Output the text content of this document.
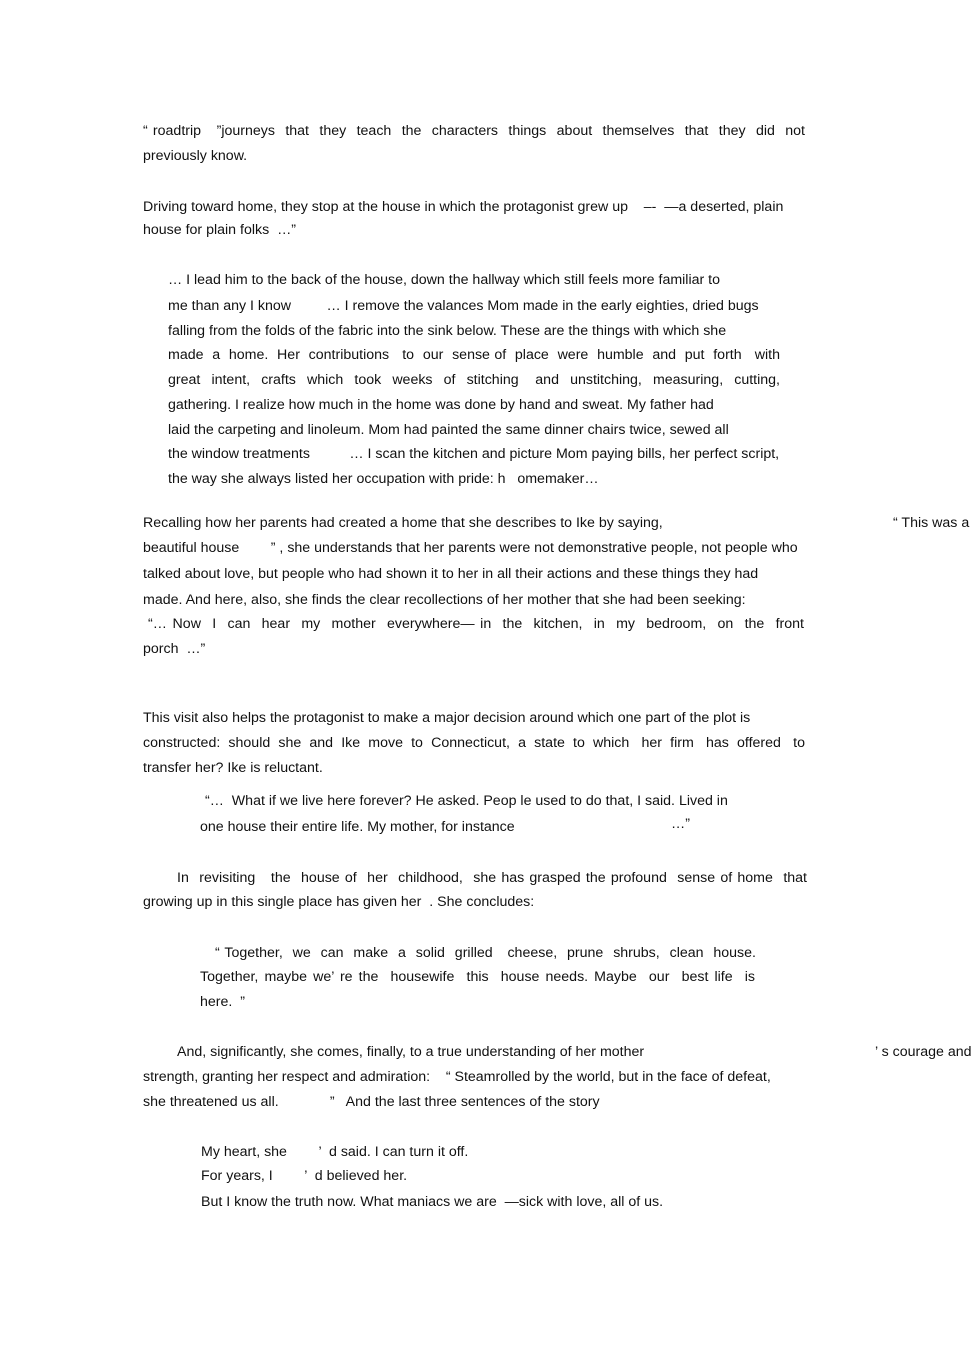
“ roadtrip   ”journeys  that  they  teach  the  characters  things  about  themselves  that  they  did  not

previously know.

Driving toward home, they stop at the house in which the protagonist grew up    –-  ―a deserted, plain

house for plain folks  …”

… I lead him to the back of the house, down the hallway which still feels more familiar to

me than any I know         … I remove the valances Mom made in the early eighties, dried bugs

falling from the folds of the fabric into the sink below. These are the things with which she

made  a  home.  Her  contributions   to  our  sense of  place  were  humble  and  put  forth   with

great  intent,  crafts  which  took  weeks  of  stitching   and  unstitching,  measuring,  cutting,

gathering. I realize how much in the home was done by hand and sweat. My father had

laid the carpeting and linoleum. Mom had painted the same dinner chairs twice, sewed all

the window treatments          … I scan the kitchen and picture Mom paying bills, her perfect script,

the way she always listed her occupation with pride: h   omemaker…

Recalling how her parents had created a home that she describes to Ike by saying,	“ This was a

beautiful house        ” , she understands that her parents were not demonstrative people, not people who

talked about love, but people who had shown it to her in all their actions and these things they had

made. And here, also, she finds the clear recollections of her mother that she had been seeking:

“… Now  I  can  hear  my  mother  everywhere— in  the  kitchen,  in  my  bedroom,  on  the  front

porch  …”

This visit also helps the protagonist to make a major decision around which one part of the plot is

constructed:  should  she  and  Ike  move  to  Connecticut,  a  state  to  which   her  firm   has  offered   to

transfer her? Ike is reluctant.

“…  What if we live here forever? He asked. Peop le used to do that, I said. Lived in

one house their entire life. My mother, for instance	…”

In  revisiting   the  house of  her  childhood,  she has grasped the profound  sense of home  that

growing up in this single place has given her  . She concludes:

“ Together,  we  can  make  a  solid  grilled   cheese,  prune  shrubs,  clean  house.

Together, maybe we’ re the  housewife  this  house needs. Maybe  our  best life  is

here.  ”

And, significantly, she comes, finally, to a true understanding of her mother	’ s courage and

strength, granting her respect and admiration:    “ Steamrolled by the world, but in the face of defeat,

she threatened us all.             ”   And the last three sentences of the story

My heart, she        ’  d said. I can turn it off.

For years, I        ’  d believed her.

But I know the truth now. What maniacs we are  —sick with love, all of us.
